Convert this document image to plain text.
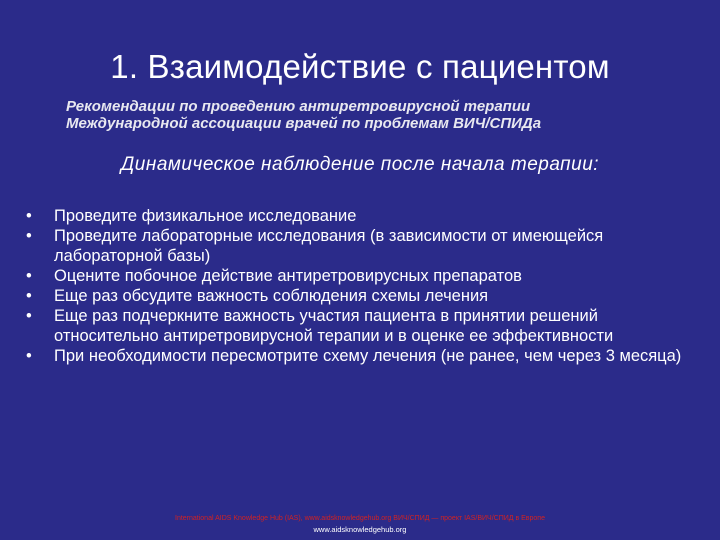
1. Взаимодействие с пациентом
Рекомендации по проведению антиретровирусной терапии
Международной ассоциации врачей по проблемам ВИЧ/СПИДа
Динамическое наблюдение после начала терапии:
• Проведите физикальное исследование
• Проведите лабораторные исследования (в зависимости от имеющейся лабораторной базы)
• Оцените побочное действие антиретровирусных препаратов
• Еще раз обсудите важность соблюдения схемы лечения
• Еще раз подчеркните важность участия пациента в принятии решений относительно антиретровирусной терапии и в оценке ее эффективности
• При необходимости пересмотрите схему лечения (не ранее, чем через 3 месяца)
International AIDS Knowledge Hub (IAS), www.aidsknowledgehub.org ВИЧ/СПИД — проект IAS/ВИЧ/СПИД в Европе
www.aidsknowledgehub.org
